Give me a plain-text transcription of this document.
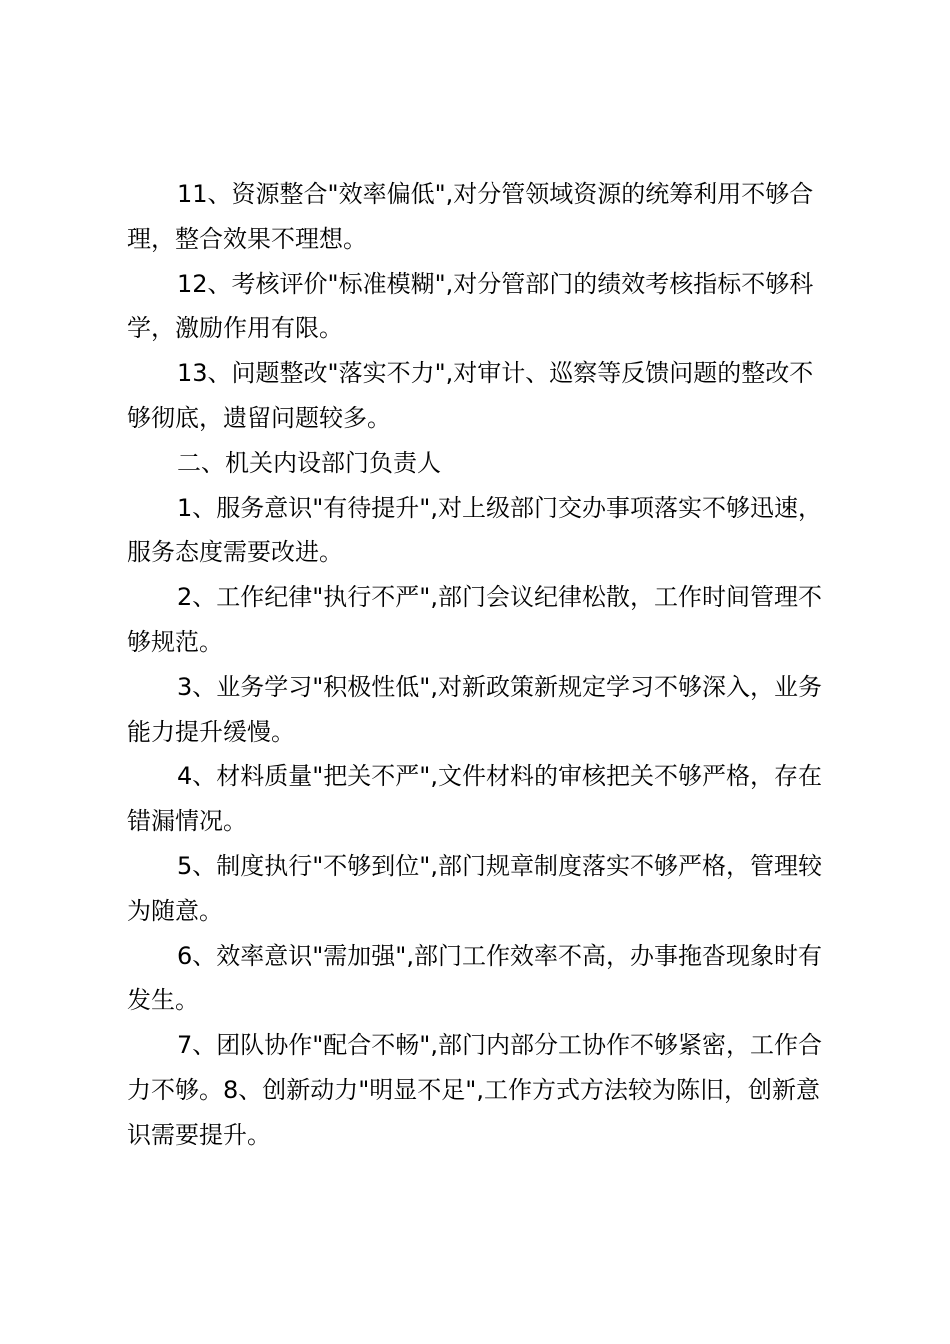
11、资源整合"效率偏低",对分管领域资源的统筹利用不够合理，整合效果不理想。

12、考核评价"标准模糊",对分管部门的绩效考核指标不够科学，激励作用有限。

13、问题整改"落实不力",对审计、巡察等反馈问题的整改不够彻底，遗留问题较多。

二、机关内设部门负责人

1、服务意识"有待提升",对上级部门交办事项落实不够迅速，服务态度需要改进。

2、工作纪律"执行不严",部门会议纪律松散，工作时间管理不够规范。

3、业务学习"积极性低",对新政策新规定学习不够深入，业务能力提升缓慢。

4、材料质量"把关不严",文件材料的审核把关不够严格，存在错漏情况。

5、制度执行"不够到位",部门规章制度落实不够严格，管理较为随意。

6、效率意识"需加强",部门工作效率不高，办事拖沓现象时有发生。

7、团队协作"配合不畅",部门内部分工协作不够紧密，工作合力不够。8、创新动力"明显不足",工作方式方法较为陈旧，创新意识需要提升。
